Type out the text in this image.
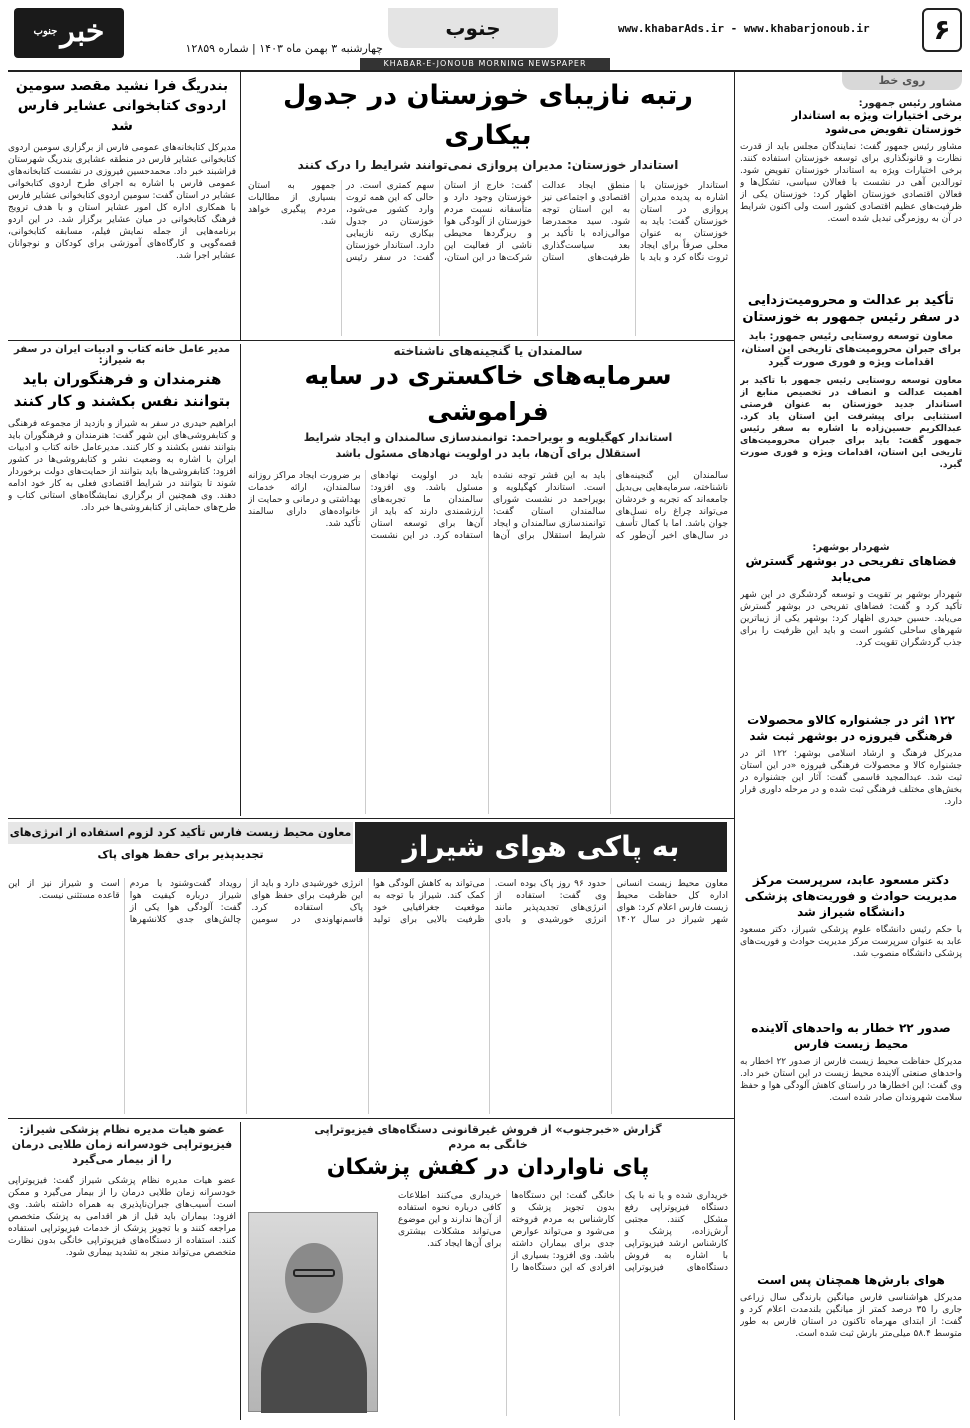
۶
www.khabarAds.ir - www.khabarjonoub.ir
جنوب
چهارشنبه ۳ بهمن ماه ۱۴۰۳ | شماره ۱۲۸۵۹
خبر$^{جنوب}$
KHABAR-E-JONOUB MORNING NEWSPAPER
روی خط
مشاور رئیس جمهور:
برخی اختیارات ویژه به استاندار خوزستان تفویض می‌شود
مشاور رئیس جمهور گفت: نمایندگان مجلس باید از قدرت نظارت و قانونگذاری برای توسعه خوزستان استفاده کنند. برخی اختیارات ویژه به استاندار خوزستان تفویض شود. تورالدین آهی در نشست با فعالان سیاسی، تشکل‌ها و فعالان اقتصادی خوزستان اظهار کرد: خوزستان یکی از ظرفیت‌های عظیم اقتصادی کشور است ولی اکنون شرایط در آن به روزمرگی تبدیل شده است.
تأکید بر عدالت و محرومیت‌زدایی در سفر رئیس جمهور به خوزستان
معاون توسعه روستایی رئیس جمهور: باید برای جبران محرومیت‌های تاریخی این استان، اقدامات ویژه و فوری صورت گیرد
معاون توسعه روستایی رئیس جمهور با تأکید بر اهمیت عدالت و انصاف در تخصیص منابع از استاندار جدید خوزستان به عنوان فرصتی استثنایی برای پیشرفت این استان یاد کرد. عبدالکریم حسین‌زاده با اشاره به سفر رئیس جمهور گفت: باید برای جبران محرومیت‌های تاریخی این استان، اقدامات ویژه و فوری صورت گیرد.
شهردار بوشهر:
فضاهای تفریحی در بوشهر گسترش می‌یابد
شهردار بوشهر بر تقویت و توسعه گردشگری در این شهر تأکید کرد و گفت: فضاهای تفریحی در بوشهر گسترش می‌یابد. حسین حیدری اظهار کرد: بوشهر یکی از زیباترین شهرهای ساحلی کشور است و باید این ظرفیت را برای جذب گردشگران تقویت کرد.
۱۲۲ اثر در جشنواره کالاو محصولات فرهنگی فیروزه در بوشهر ثبت شد
مدیرکل فرهنگ و ارشاد اسلامی بوشهر: ۱۲۲ اثر در جشنواره کالا و محصولات فرهنگی فیروزه «در این استان ثبت شد. عبدالمجید قاسمی گفت: آثار این جشنواره در بخش‌های مختلف فرهنگی ثبت شده و در مرحله داوری قرار دارد.
دکتر مسعود عابد، سرپرست مرکز مدیریت حوادث و فوریت‌های پزشکی دانشگاه شیراز شد
با حکم رئیس دانشگاه علوم پزشکی شیراز، دکتر مسعود عابد به عنوان سرپرست مرکز مدیریت حوادث و فوریت‌های پزشکی دانشگاه منصوب شد.
صدور ۲۲ خطار به واحدهای آلاینده محیط زیست فارس
مدیرکل حفاظت محیط زیست فارس از صدور ۲۲ اخطار به واحدهای صنعتی آلاینده محیط زیست در این استان خبر داد. وی گفت: این اخطارها در راستای کاهش آلودگی هوا و حفظ سلامت شهروندان صادر شده است.
هوای بارش‌ها همچنان پس است
مدیرکل هواشناسی فارس میانگین بارندگی سال زراعی جاری را ۳۵ درصد کمتر از میانگین بلندمدت اعلام کرد و گفت: از ابتدای مهرماه تاکنون در استان فارس به طور متوسط ۵۸.۴ میلی‌متر بارش ثبت شده است.
رتبه نازیبای خوزستان در جدول بیکاری
استاندار خوزستان: مدیران پروازی نمی‌توانند شرایط را درک کنند
استاندار خوزستان با اشاره به پدیده مدیران پروازی در استان خوزستان گفت: باید به خوزستان به عنوان محلی صرفاً برای ایجاد ثروت نگاه کرد و باید با منطق ایجاد عدالت اقتصادی و اجتماعی نیز به این استان توجه شود. سید محمدرضا موالی‌زاده با تأکید بر بعد سیاست‌گذاری ظرفیت‌های استان گفت: خارج از استان خوزستان وجود دارد و متأسفانه نسبت مردم خوزستان از آلودگی هوا و ریزگردها محیطی ناشی از فعالیت این شرکت‌ها در این استان، سهم کمتری است. در حالی که این همه ثروت وارد کشور می‌شود، خوزستان در جدول بیکاری رتبه نازیبایی دارد. استاندار خوزستان گفت: در سفر رئیس جمهور به استان بسیاری از مطالبات مردم پیگیری خواهد شد.
بندریگ فرا نشید مقصد سومین اردوی کتابخوانی عشایر فارس شد
مدیرکل کتابخانه‌های عمومی فارس از برگزاری سومین اردوی کتابخوانی عشایر فارس در منطقه عشایری بندریگ شهرستان فراشبند خبر داد. محمدحسین فیروزی در نشست کتابخانه‌های عمومی فارس با اشاره به اجرای طرح اردوی کتابخوانی عشایر در استان گفت: سومین اردوی کتابخوانی عشایر فارس با همکاری اداره کل امور عشایر استان و با هدف ترویج فرهنگ کتابخوانی در میان عشایر برگزار شد. در این اردو برنامه‌هایی از جمله نمایش فیلم، مسابقه کتابخوانی، قصه‌گویی و کارگاه‌های آموزشی برای کودکان و نوجوانان عشایر اجرا شد.
سالمندان یا گنجینه‌های ناشناخته
سرمایه‌های خاکستری در سایه فراموشی
استاندار کهگیلویه و بویراحمد: توانمندسازی سالمندان و ایجاد شرایط استقلال برای آن‌ها، باید در اولویت نهادهای مسئول باشد
سالمندان این گنجینه‌های ناشناخته، سرمایه‌هایی بی‌بدیل جامعه‌اند که تجربه و خردشان می‌تواند چراغ راه نسل‌های جوان باشد. اما با کمال تأسف در سال‌های اخیر آن‌طور که باید به این قشر توجه نشده است. استاندار کهگیلویه و بویراحمد در نشست شورای سالمندان استان گفت: توانمندسازی سالمندان و ایجاد شرایط استقلال برای آن‌ها باید در اولویت نهادهای مسئول باشد. وی افزود: سالمندان ما تجربه‌های ارزشمندی دارند که باید از آن‌ها برای توسعه استان استفاده کرد. در این نشست بر ضرورت ایجاد مراکز روزانه سالمندان، ارائه خدمات بهداشتی و درمانی و حمایت از خانواده‌های دارای سالمند تأکید شد.
مدیر عامل خانه کتاب و ادبیات ایران در سفر به شیراز:
هنرمندان و فرهنگوران باید بتوانند نفس بکشند و کار کنند
ابراهیم حیدری در سفر به شیراز و بازدید از مجموعه فرهنگی و کتابفروشی‌های این شهر گفت: هنرمندان و فرهنگوران باید بتوانند نفس بکشند و کار کنند. مدیرعامل خانه کتاب و ادبیات ایران با اشاره به وضعیت نشر و کتابفروشی‌ها در کشور افزود: کتابفروشی‌ها باید بتوانند از حمایت‌های دولت برخوردار شوند تا بتوانند در شرایط اقتصادی فعلی به کار خود ادامه دهند. وی همچنین از برگزاری نمایشگاه‌های استانی کتاب و طرح‌های حمایتی از کتابفروشی‌ها خبر داد.
به پاکی هوای شیراز
معاون محیط زیست فارس تأکید کرد لزوم استفاده از انرژی‌های تجدیدپذیر برای حفظ هوای پاک
معاون محیط زیست انسانی اداره کل حفاظت محیط زیست فارس اعلام کرد: هوای شهر شیراز در سال ۱۴۰۲ حدود ۹۶ روز پاک بوده است. وی گفت: استفاده از انرژی‌های تجدیدپذیر مانند انرژی خورشیدی و بادی می‌تواند به کاهش آلودگی هوا کمک کند. شیراز با توجه به موقعیت جغرافیایی خود ظرفیت بالایی برای تولید انرژی خورشیدی دارد و باید از این ظرفیت برای حفظ هوای پاک استفاده کرد. قاسم‌نهاوندی در سومین رویداد گفت‌وشنود با مردم شیراز درباره کیفیت هوا گفت: آلودگی هوا یکی از چالش‌های جدی کلانشهرها است و شیراز نیز از این قاعده مستثنی نیست.
گزارش «خبرجنوب» از فروش غیرقانونی دستگاه‌های فیزیوتراپی خانگی به مردم
پای ناواردان در کفش پزشکان
خریداری شده و یا نه با یک دستگاه فیزیوتراپی رفع مشکل کنند. مجتبی آرش‌زاده، پزشک و کارشناس ارشد فیزیوتراپی با اشاره به فروش دستگاه‌های فیزیوتراپی خانگی گفت: این دستگاه‌ها بدون تجویز پزشک و کارشناس به مردم فروخته می‌شود و می‌تواند عوارض جدی برای بیماران داشته باشد. وی افزود: بسیاری از افرادی که این دستگاه‌ها را خریداری می‌کنند اطلاعات کافی درباره نحوه استفاده از آن‌ها ندارند و این موضوع می‌تواند مشکلات بیشتری برای آن‌ها ایجاد کند.
عضو هیات مدیره نظام پزشکی شیراز: فیزیوتراپی خودسرانه زمان طلایی درمان را از بیمار می‌گیرد
عضو هیات مدیره نظام پزشکی شیراز گفت: فیزیوتراپی خودسرانه زمان طلایی درمان را از بیمار می‌گیرد و ممکن است آسیب‌های جبران‌ناپذیری به همراه داشته باشد. وی افزود: بیماران باید قبل از هر اقدامی به پزشک متخصص مراجعه کنند و با تجویز پزشک از خدمات فیزیوتراپی استفاده کنند. استفاده از دستگاه‌های فیزیوتراپی خانگی بدون نظارت متخصص می‌تواند منجر به تشدید بیماری شود.
